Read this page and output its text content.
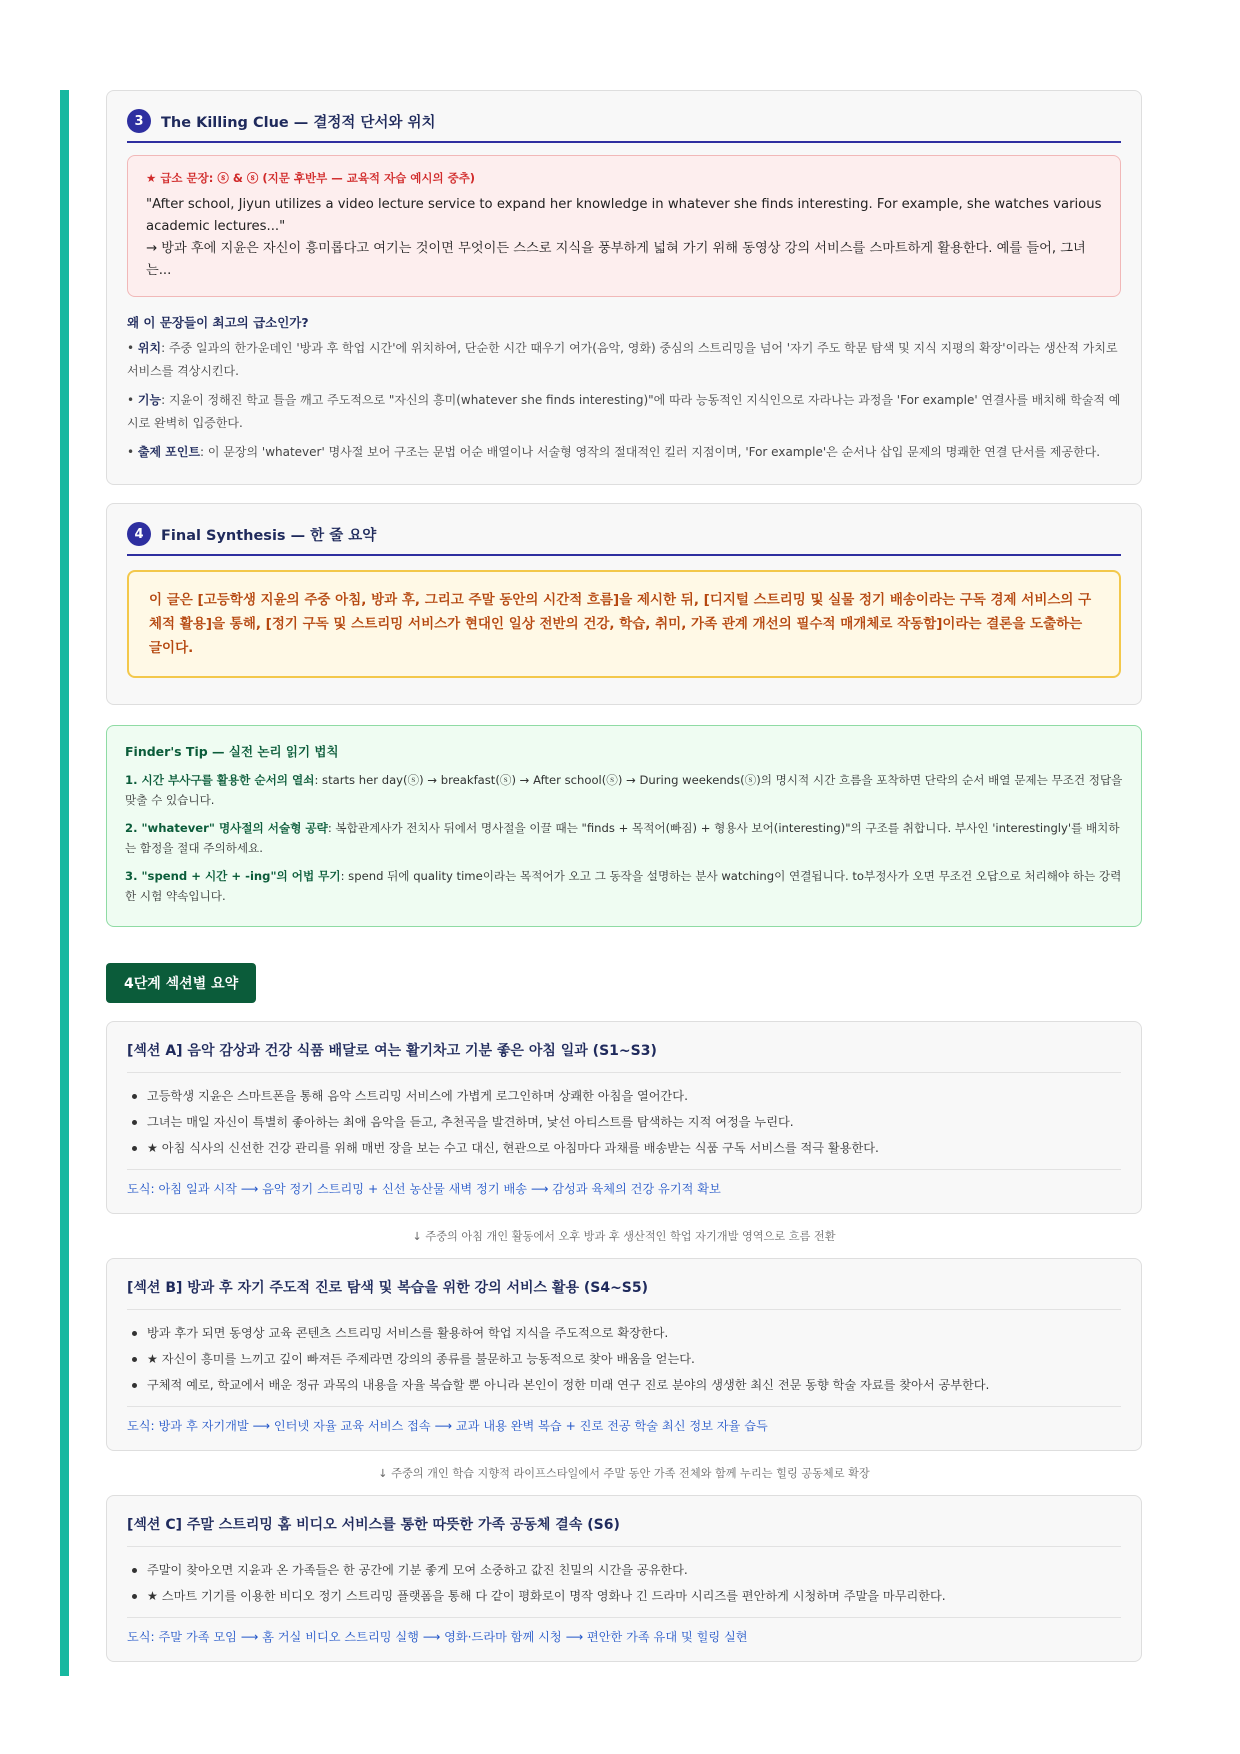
3	The Killing Clue — 결정적 단서와 위치
★ 급소 문장: ⓢ & ⓢ (지문 후반부 — 교육적 자습 예시의 중추)
"After school, Jiyun utilizes a video lecture service to expand her knowledge in whatever she finds interesting. For example, she watches various academic lectures..."
→ 방과 후에 지윤은 자신이 흥미롭다고 여기는 것이면 무엇이든 스스로 지식을 풍부하게 넓혀 가기 위해 동영상 강의 서비스를 스마트하게 활용한다. 예를 들어, 그녀는...
왜 이 문장들이 최고의 급소인가?
• 위치: 주중 일과의 한가운데인 '방과 후 학업 시간'에 위치하여, 단순한 시간 때우기 여가(음악, 영화) 중심의 스트리밍을 넘어 '자기 주도 학문 탐색 및 지식 지평의 확장'이라는 생산적 가치로 서비스를 격상시킨다.
• 기능: 지윤이 정해진 학교 틀을 깨고 주도적으로 "자신의 흥미(whatever she finds interesting)"에 따라 능동적인 지식인으로 자라나는 과정을 'For example' 연결사를 배치해 학술적 예시로 완벽히 입증한다.
• 출제 포인트: 이 문장의 'whatever' 명사절 보어 구조는 문법 어순 배열이나 서술형 영작의 절대적인 킬러 지점이며, 'For example'은 순서나 삽입 문제의 명쾌한 연결 단서를 제공한다.
4	Final Synthesis — 한 줄 요약
이 글은 [고등학생 지윤의 주중 아침, 방과 후, 그리고 주말 동안의 시간적 흐름]을 제시한 뒤, [디지털 스트리밍 및 실물 정기 배송이라는 구독 경제 서비스의 구체적 활용]을 통해, [정기 구독 및 스트리밍 서비스가 현대인 일상 전반의 건강, 학습, 취미, 가족 관계 개선의 필수적 매개체로 작동함]이라는 결론을 도출하는 글이다.
Finder's Tip — 실전 논리 읽기 법칙
1. 시간 부사구를 활용한 순서의 열쇠: starts her day(ⓢ) → breakfast(ⓢ) → After school(ⓢ) → During weekends(ⓢ)의 명시적 시간 흐름을 포착하면 단락의 순서 배열 문제는 무조건 정답을 맞출 수 있습니다.
2. "whatever" 명사절의 서술형 공략: 복합관계사가 전치사 뒤에서 명사절을 이끌 때는 "finds + 목적어(빠짐) + 형용사 보어(interesting)"의 구조를 취합니다. 부사인 'interestingly'를 배치하는 함정을 절대 주의하세요.
3. "spend + 시간 + -ing"의 어법 무기: spend 뒤에 quality time이라는 목적어가 오고 그 동작을 설명하는 분사 watching이 연결됩니다. to부정사가 오면 무조건 오답으로 처리해야 하는 강력한 시험 약속입니다.
4단계 섹션별 요약
[섹션 A] 음악 감상과 건강 식품 배달로 여는 활기차고 기분 좋은 아침 일과 (S1~S3)
고등학생 지윤은 스마트폰을 통해 음악 스트리밍 서비스에 가볍게 로그인하며 상쾌한 아침을 열어간다.
그녀는 매일 자신이 특별히 좋아하는 최애 음악을 듣고, 추천곡을 발견하며, 낯선 아티스트를 탐색하는 지적 여정을 누린다.
★ 아침 식사의 신선한 건강 관리를 위해 매번 장을 보는 수고 대신, 현관으로 아침마다 과채를 배송받는 식품 구독 서비스를 적극 활용한다.
도식: 아침 일과 시작 ⟶ 음악 정기 스트리밍 + 신선 농산물 새벽 정기 배송 ⟶ 감성과 육체의 건강 유기적 확보
↓ 주중의 아침 개인 활동에서 오후 방과 후 생산적인 학업 자기개발 영역으로 흐름 전환
[섹션 B] 방과 후 자기 주도적 진로 탐색 및 복습을 위한 강의 서비스 활용 (S4~S5)
방과 후가 되면 동영상 교육 콘텐츠 스트리밍 서비스를 활용하여 학업 지식을 주도적으로 확장한다.
★ 자신이 흥미를 느끼고 깊이 빠져든 주제라면 강의의 종류를 불문하고 능동적으로 찾아 배움을 얻는다.
구체적 예로, 학교에서 배운 정규 과목의 내용을 자율 복습할 뿐 아니라 본인이 정한 미래 연구 진로 분야의 생생한 최신 전문 동향 학술 자료를 찾아서 공부한다.
도식: 방과 후 자기개발 ⟶ 인터넷 자율 교육 서비스 접속 ⟶ 교과 내용 완벽 복습 + 진로 전공 학술 최신 정보 자율 습득
↓ 주중의 개인 학습 지향적 라이프스타일에서 주말 동안 가족 전체와 함께 누리는 힐링 공동체로 확장
[섹션 C] 주말 스트리밍 홈 비디오 서비스를 통한 따뜻한 가족 공동체 결속 (S6)
주말이 찾아오면 지윤과 온 가족들은 한 공간에 기분 좋게 모여 소중하고 값진 친밀의 시간을 공유한다.
★ 스마트 기기를 이용한 비디오 정기 스트리밍 플랫폼을 통해 다 같이 평화로이 명작 영화나 긴 드라마 시리즈를 편안하게 시청하며 주말을 마무리한다.
도식: 주말 가족 모임 ⟶ 홈 거실 비디오 스트리밍 실행 ⟶ 영화·드라마 함께 시청 ⟶ 편안한 가족 유대 및 힐링 실현
